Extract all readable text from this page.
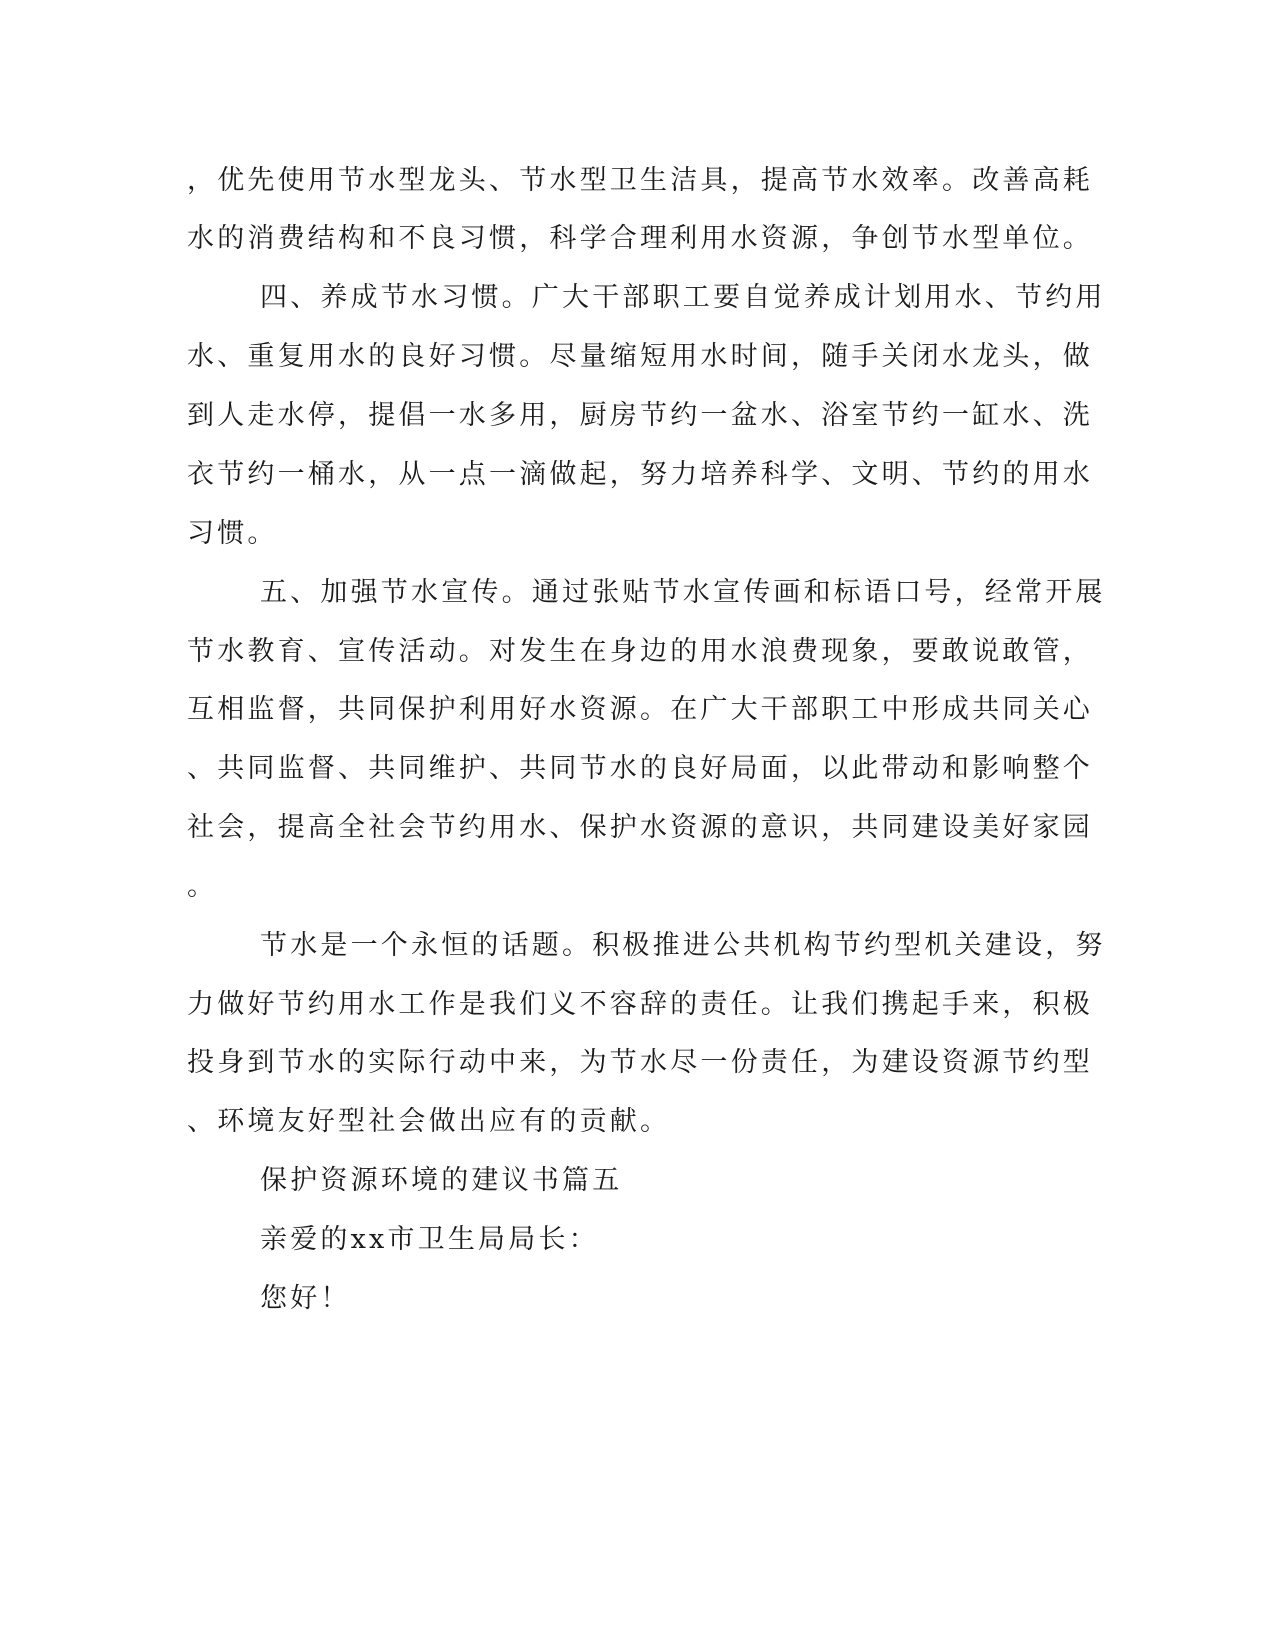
，优先使用节水型龙头、节水型卫生洁具，提高节水效率。改善高耗
水的消费结构和不良习惯，科学合理利用水资源，争创节水型单位。
四、养成节水习惯。广大干部职工要自觉养成计划用水、节约用
水、重复用水的良好习惯。尽量缩短用水时间，随手关闭水龙头，做
到人走水停，提倡一水多用，厨房节约一盆水、浴室节约一缸水、洗
衣节约一桶水，从一点一滴做起，努力培养科学、文明、节约的用水
习惯。
五、加强节水宣传。通过张贴节水宣传画和标语口号，经常开展
节水教育、宣传活动。对发生在身边的用水浪费现象，要敢说敢管，
互相监督，共同保护利用好水资源。在广大干部职工中形成共同关心
、共同监督、共同维护、共同节水的良好局面，以此带动和影响整个
社会，提高全社会节约用水、保护水资源的意识，共同建设美好家园
。
节水是一个永恒的话题。积极推进公共机构节约型机关建设，努
力做好节约用水工作是我们义不容辞的责任。让我们携起手来，积极
投身到节水的实际行动中来，为节水尽一份责任，为建设资源节约型
、环境友好型社会做出应有的贡献。
保护资源环境的建议书篇五
亲爱的xx市卫生局局长：
您好！
